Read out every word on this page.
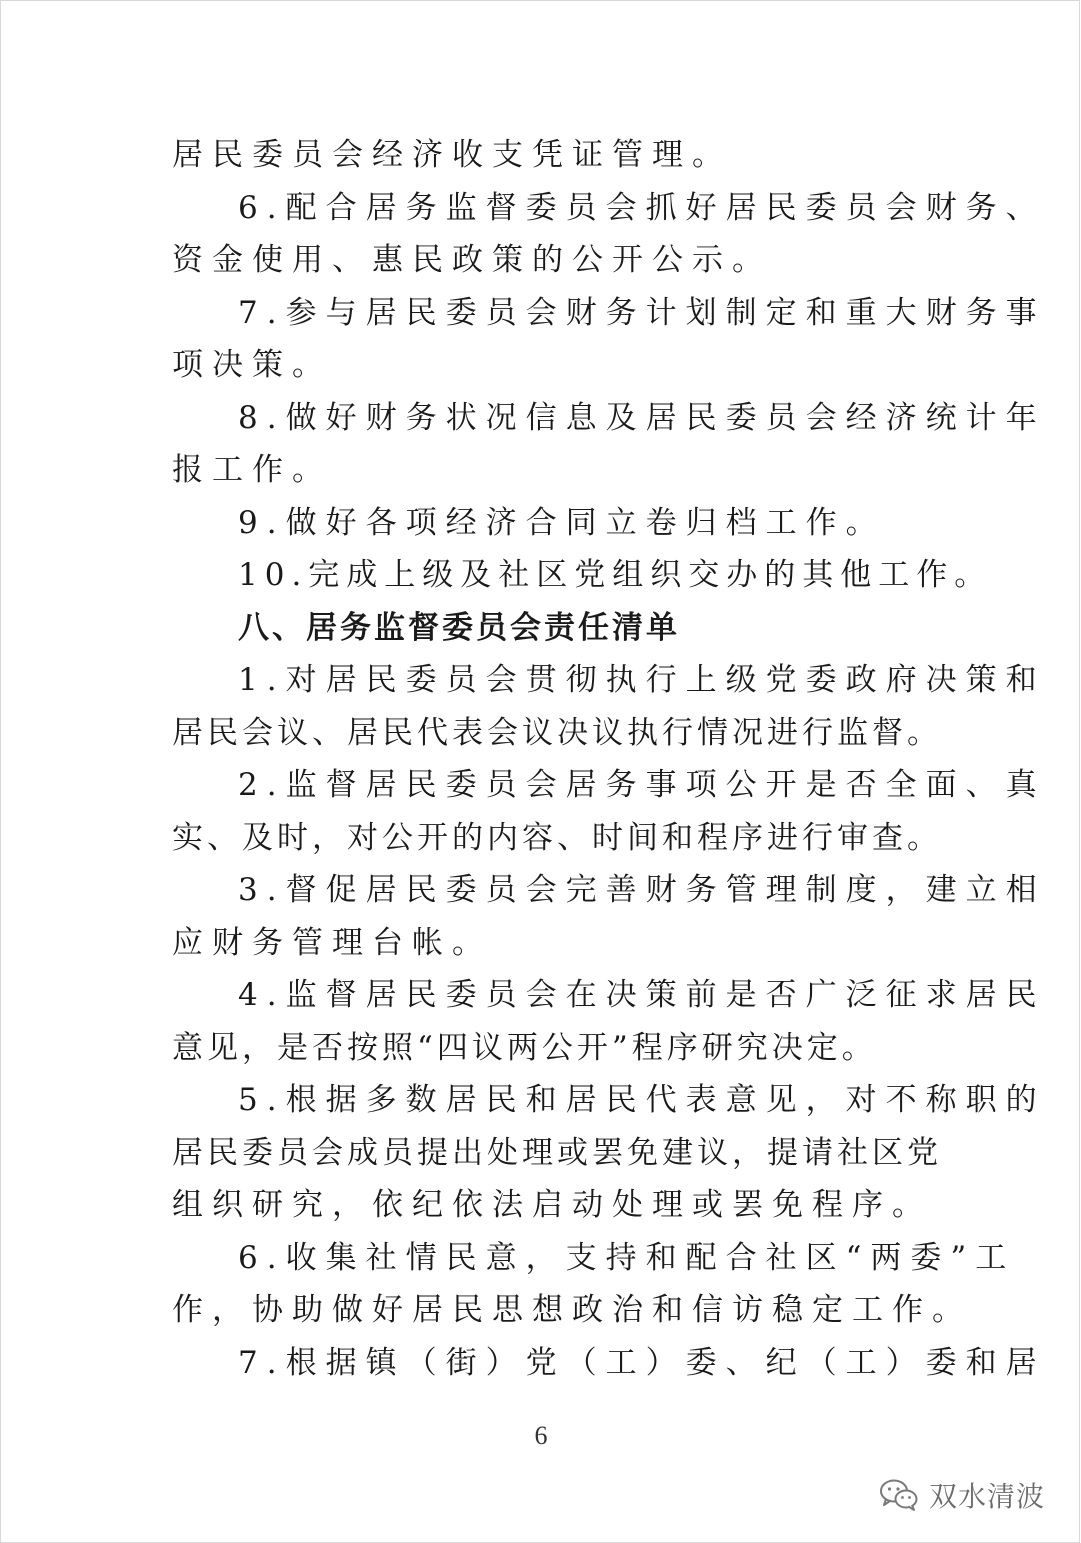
居民委员会经济收支凭证管理。
6.配合居务监督委员会抓好居民委员会财务、
资金使用、惠民政策的公开公示。
7.参与居民委员会财务计划制定和重大财务事
项决策。
8.做好财务状况信息及居民委员会经济统计年
报工作。
9.做好各项经济合同立卷归档工作。
10.完成上级及社区党组织交办的其他工作。
八、居务监督委员会责任清单
1.对居民委员会贯彻执行上级党委政府决策和
居民会议、居民代表会议决议执行情况进行监督。
2.监督居民委员会居务事项公开是否全面、真
实、及时，对公开的内容、时间和程序进行审查。
3.督促居民委员会完善财务管理制度，建立相
应财务管理台帐。
4.监督居民委员会在决策前是否广泛征求居民
意见，是否按照“四议两公开”程序研究决定。
5.根据多数居民和居民代表意见，对不称职的
居民委员会成员提出处理或罢免建议，提请社区党
组织研究，依纪依法启动处理或罢免程序。
6.收集社情民意，支持和配合社区“两委”工
作，协助做好居民思想政治和信访稳定工作。
7.根据镇（街）党（工）委、纪（工）委和居
6
双水清波
